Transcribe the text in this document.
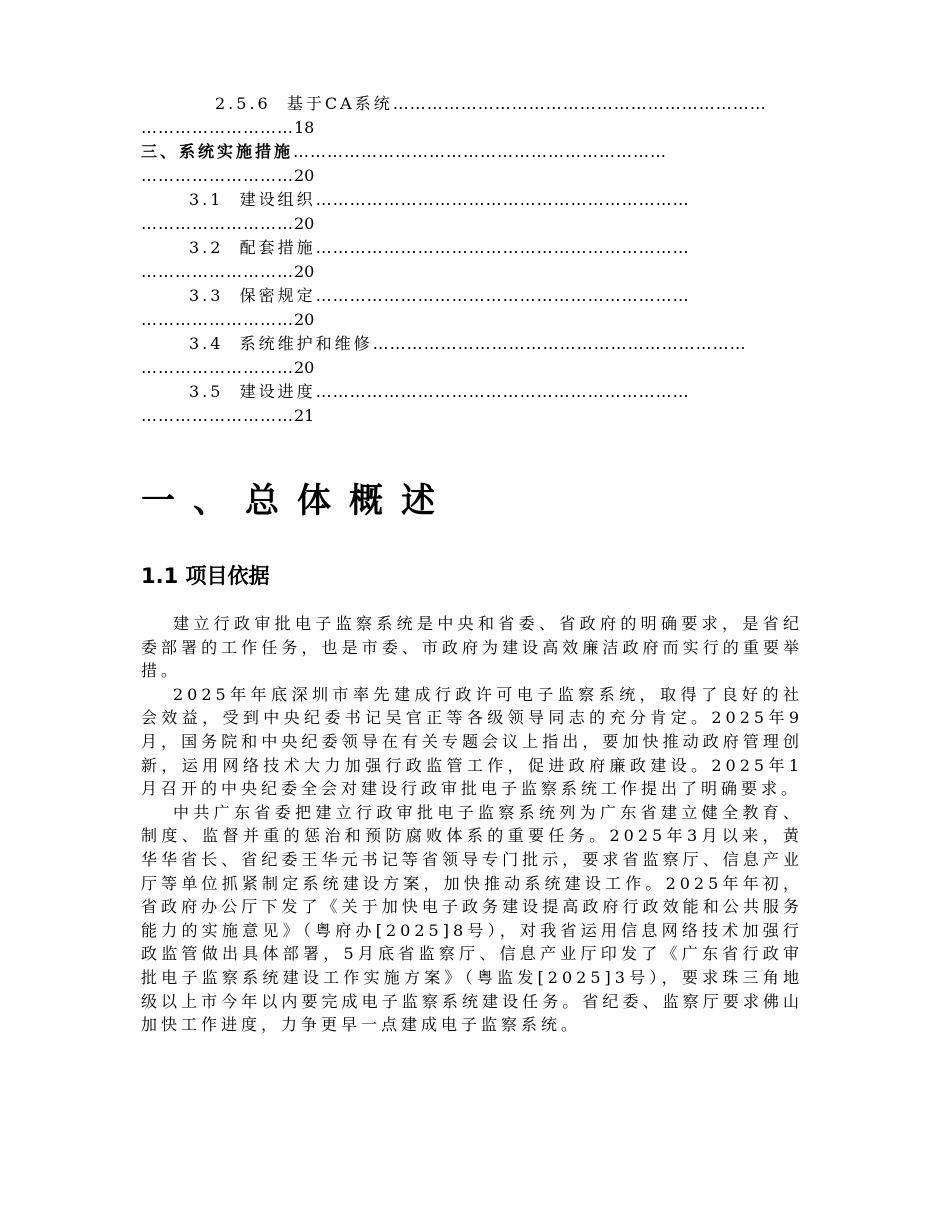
2.5.6 基于CA系统…………………………………………………………
………………………18
三、系统实施措施…………………………………………………………
………………………20
3.1 建设组织…………………………………………………………
………………………20
3.2 配套措施…………………………………………………………
………………………20
3.3 保密规定…………………………………………………………
………………………20
3.4 系统维护和维修…………………………………………………………
………………………20
3.5 建设进度…………………………………………………………
………………………21
一、总体概述
1.1 项目依据

建立行政审批电子监察系统是中央和省委、省政府的明确要求，是省纪委部署的工作任务，也是市委、市政府为建设高效廉洁政府而实行的重要举措。

2025年年底深圳市率先建成行政许可电子监察系统，取得了良好的社会效益，受到中央纪委书记吴官正等各级领导同志的充分肯定。2025年9月，国务院和中央纪委领导在有关专题会议上指出，要加快推动政府管理创新，运用网络技术大力加强行政监管工作，促进政府廉政建设。2025年1月召开的中央纪委全会对建设行政审批电子监察系统工作提出了明确要求。

中共广东省委把建立行政审批电子监察系统列为广东省建立健全教育、制度、监督并重的惩治和预防腐败体系的重要任务。2025年3月以来，黄华华省长、省纪委王华元书记等省领导专门批示，要求省监察厅、信息产业厅等单位抓紧制定系统建设方案，加快推动系统建设工作。2025年年初，省政府办公厅下发了《关于加快电子政务建设提高政府行政效能和公共服务能力的实施意见》（粤府办[2025]8号），对我省运用信息网络技术加强行政监管做出具体部署，5月底省监察厅、信息产业厅印发了《广东省行政审批电子监察系统建设工作实施方案》（粤监发[2025]3号），要求珠三角地级以上市今年以内要完成电子监察系统建设任务。省纪委、监察厅要求佛山加快工作进度，力争更早一点建成电子监察系统。
